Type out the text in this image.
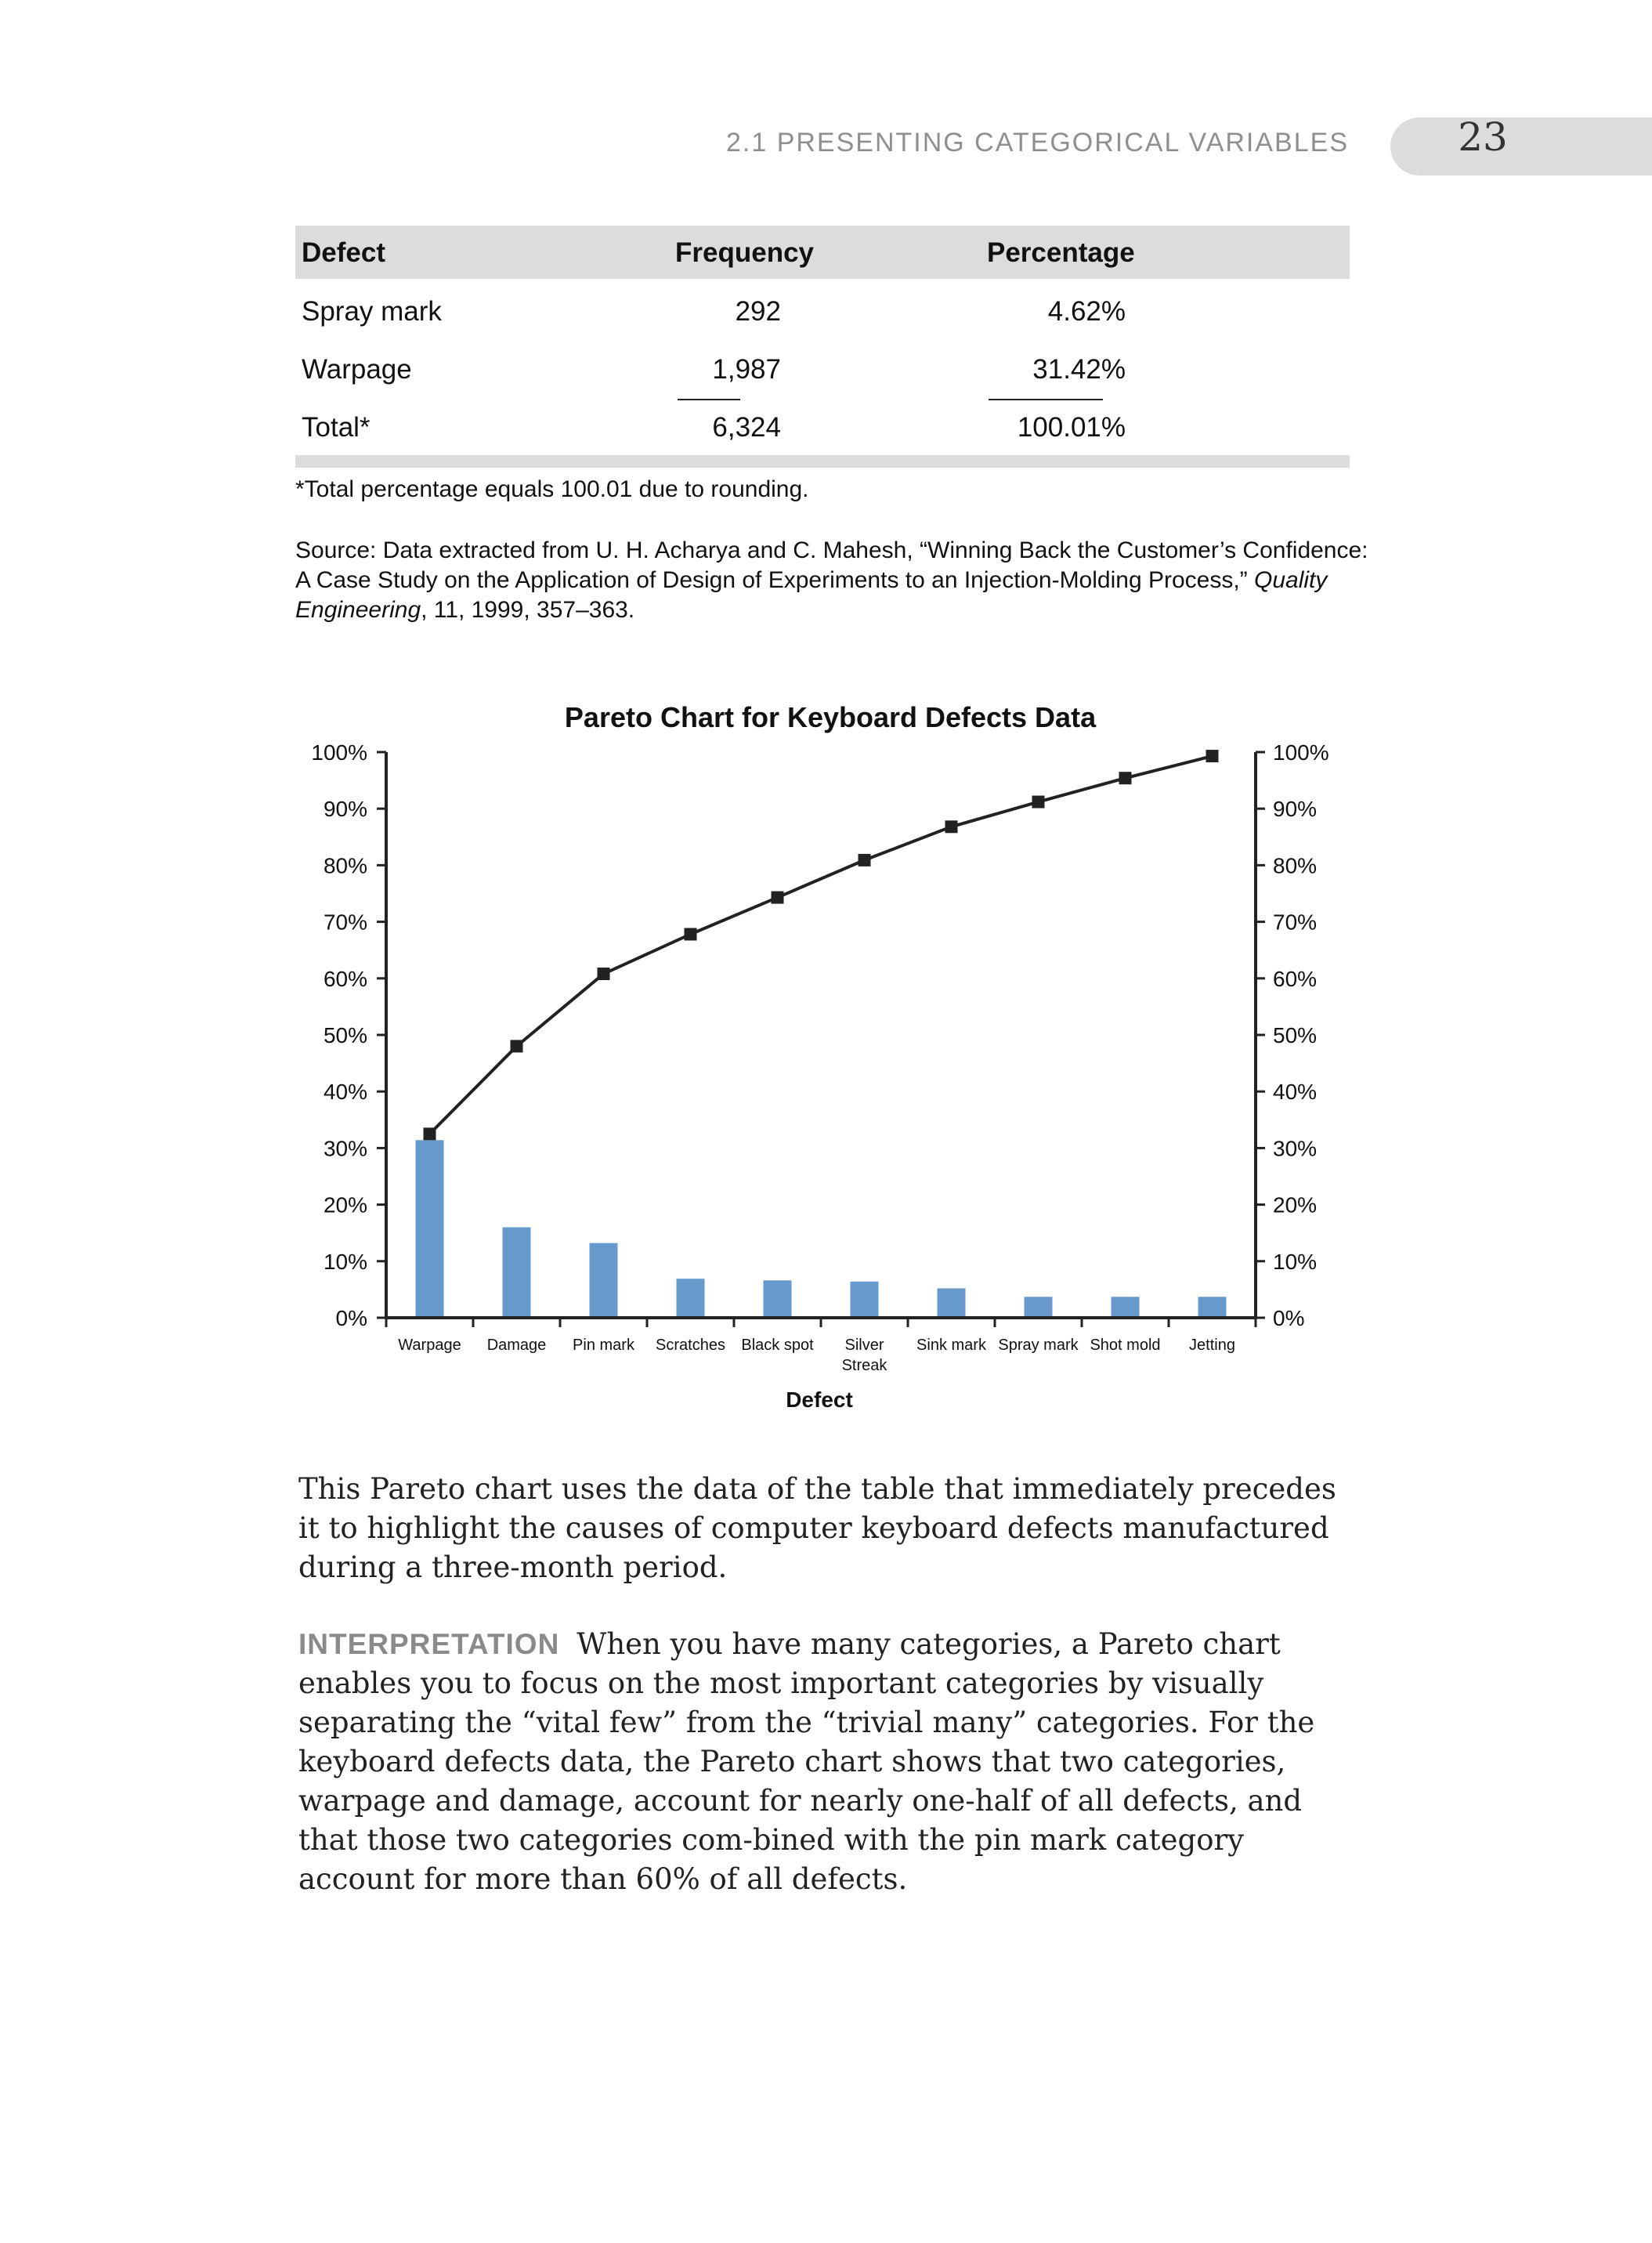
2.1 PRESENTING CATEGORICAL VARIABLES	23
Defect	Frequency	Percentage
Spray mark	292	4.62%
Warpage	1,987	31.42%
Total*	6,324	100.01%
*Total percentage equals 100.01 due to rounding.
Source: Data extracted from U. H. Acharya and C. Mahesh, “Winning Back the Customer’s Confidence: A Case Study on the Application of Design of Experiments to an Injection-Molding Process,” Quality Engineering, 11, 1999, 357–363.
Pareto Chart for Keyboard Defects Data
0%
10%
20%
30%
40%
50%
60%
70%
80%
90%
100%
0%
10%
20%
30%
40%
50%
60%
70%
80%
90%
100%
Warpage Damage Pin mark Scratches Black spot Silver Streak
Sink mark Spray mark Shot mold Jetting
Defect
This Pareto chart uses the data of the table that immediately precedes it to highlight the causes of computer keyboard defects manufactured during a three-month period.
INTERPRETATION When you have many categories, a Pareto chart enables you to focus on the most important categories by visually separating the “vital few” from the “trivial many” categories. For the keyboard defects data, the Pareto chart shows that two categories, warpage and damage, account for nearly one-half of all defects, and that those two categories com-bined with the pin mark category account for more than 60% of all defects.
